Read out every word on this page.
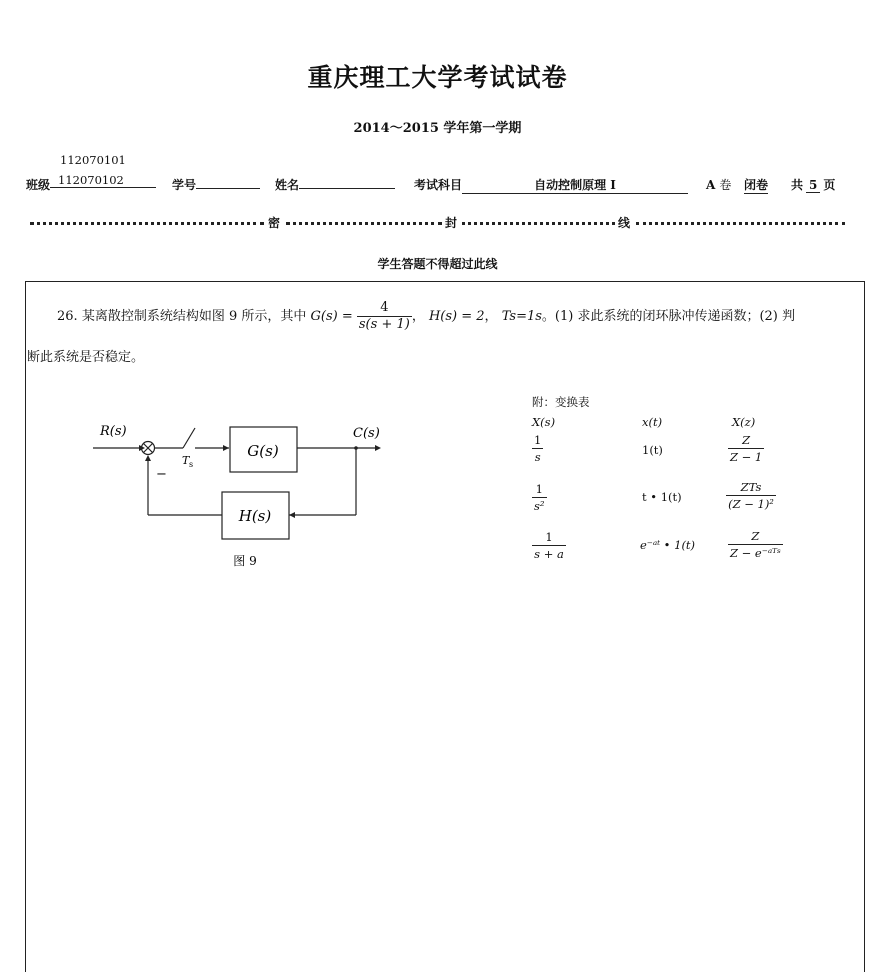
重庆理工大学考试试卷
2014～2015 学年第一学期
112070101
班级 112070102	学号	姓名	考试科目	自动控制原理 I	A 卷 闭卷 共 5 页
密	封	线
学生答题不得超过此线
26. 某离散控制系统结构如图 9 所示，其中 $G(s) = \frac{4}{s(s + 1)}$ ， H(s) = 2， Ts=1s。(1) 求此系统的闭环脉冲传递函数；(2) 判
断此系统是否稳定。
R(s)
T s
−
G(s)
C(s)
H(s)
图 9
附：变换表
X(s)	x(t)	X(z)
$\frac{1}{s}$	1(t)	$\frac{Z}{Z - 1}$
$\frac{1}{\text{s²}}$	t • 1(t)	$\frac{\text{ZTs}}{\text{(Z − 1)²}}$
$\frac{1}{s + a}$	e⁻ᵃᵗ • 1(t)	$\frac{Z}{\text{Z − e⁻ᵃᵀˢ}}$
